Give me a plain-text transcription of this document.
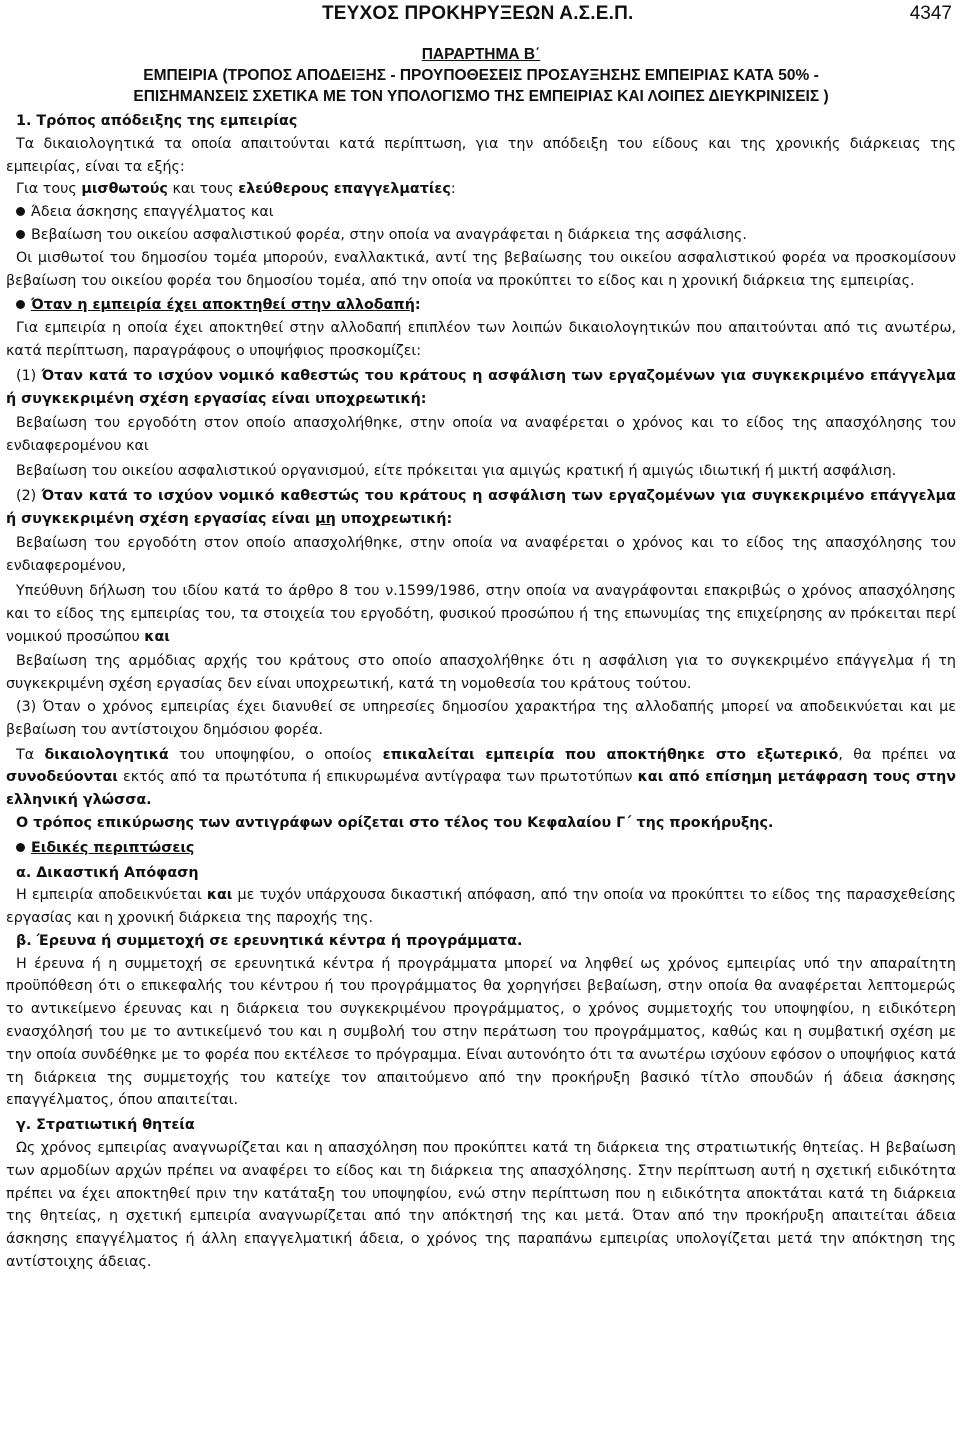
ΤΕΥΧΟΣ ΠΡΟΚΗΡΥΞΕΩΝ Α.Σ.Ε.Π.	4347
ΠΑΡΑΡΤΗΜΑ Β΄
ΕΜΠΕΙΡΙΑ (ΤΡΟΠΟΣ ΑΠΟΔΕΙΞΗΣ - ΠΡΟΥΠΟΘΕΣΕΙΣ ΠΡΟΣΑΥΞΗΣΗΣ ΕΜΠΕΙΡΙΑΣ ΚΑΤΑ 50% -
ΕΠΙΣΗΜΑΝΣΕΙΣ ΣΧΕΤΙΚΑ ΜΕ ΤΟΝ ΥΠΟΛΟΓΙΣΜΟ ΤΗΣ ΕΜΠΕΙΡΙΑΣ ΚΑΙ ΛΟΙΠΕΣ ΔΙΕΥΚΡΙΝΙΣΕΙΣ )

1. Τρόπος απόδειξης της εμπειρίας

Τα δικαιολογητικά τα οποία απαιτούνται κατά περίπτωση, για την απόδειξη του είδους και της χρονικής διάρκειας της εμπειρίας, είναι τα εξής:

Για τους μισθωτούς και τους ελεύθερους επαγγελματίες:

Άδεια άσκησης επαγγέλματος και

Βεβαίωση του οικείου ασφαλιστικού φορέα, στην οποία να αναγράφεται η διάρκεια της ασφάλισης.

Οι μισθωτοί του δημοσίου τομέα μπορούν, εναλλακτικά, αντί της βεβαίωσης του οικείου ασφαλιστικού φορέα να προσκομίσουν βεβαίωση του οικείου φορέα του δημοσίου τομέα, από την οποία να προκύπτει το είδος και η χρονική διάρκεια της εμπειρίας.

Όταν η εμπειρία έχει αποκτηθεί στην αλλοδαπή:

Για εμπειρία η οποία έχει αποκτηθεί στην αλλοδαπή επιπλέον των λοιπών δικαιολογητικών που απαιτούνται από τις ανωτέρω, κατά περίπτωση, παραγράφους ο υποψήφιος προσκομίζει:

(1) Όταν κατά το ισχύον νομικό καθεστώς του κράτους η ασφάλιση των εργαζομένων για συγκεκριμένο επάγγελμα ή συγκεκριμένη σχέση εργασίας είναι υποχρεωτική:

Βεβαίωση του εργοδότη στον οποίο απασχολήθηκε, στην οποία να αναφέρεται ο χρόνος και το είδος της απασχόλησης του ενδιαφερομένου και

Βεβαίωση του οικείου ασφαλιστικού οργανισμού, είτε πρόκειται για αμιγώς κρατική ή αμιγώς ιδιωτική ή μικτή ασφάλιση.

(2) Όταν κατά το ισχύον νομικό καθεστώς του κράτους η ασφάλιση των εργαζομένων για συγκεκριμένο επάγγελμα ή συγκεκριμένη σχέση εργασίας είναι μη υποχρεωτική:

Βεβαίωση του εργοδότη στον οποίο απασχολήθηκε, στην οποία να αναφέρεται ο χρόνος και το είδος της απασχόλησης του ενδιαφερομένου,

Υπεύθυνη δήλωση του ιδίου κατά το άρθρο 8 του ν.1599/1986, στην οποία να αναγράφονται επακριβώς ο χρόνος απασχόλησης και το είδος της εμπειρίας του, τα στοιχεία του εργοδότη, φυσικού προσώπου ή της επωνυμίας της επιχείρησης αν πρόκειται περί νομικού προσώπου και

Βεβαίωση της αρμόδιας αρχής του κράτους στο οποίο απασχολήθηκε ότι η ασφάλιση για το συγκεκριμένο επάγγελμα ή τη συγκεκριμένη σχέση εργασίας δεν είναι υποχρεωτική, κατά τη νομοθεσία του κράτους τούτου.

(3) Όταν ο χρόνος εμπειρίας έχει διανυθεί σε υπηρεσίες δημοσίου χαρακτήρα της αλλοδαπής μπορεί να αποδεικνύεται και με βεβαίωση του αντίστοιχου δημόσιου φορέα.

Τα δικαιολογητικά του υποψηφίου, ο οποίος επικαλείται εμπειρία που αποκτήθηκε στο εξωτερικό, θα πρέπει να συνοδεύονται εκτός από τα πρωτότυπα ή επικυρωμένα αντίγραφα των πρωτοτύπων και από επίσημη μετάφραση τους στην ελληνική γλώσσα.

Ο τρόπος επικύρωσης των αντιγράφων ορίζεται στο τέλος του Κεφαλαίου Γ΄ της προκήρυξης.

Ειδικές περιπτώσεις

α. Δικαστική Απόφαση

Η εμπειρία αποδεικνύεται και με τυχόν υπάρχουσα δικαστική απόφαση, από την οποία να προκύπτει το είδος της παρασχεθείσης εργασίας και η χρονική διάρκεια της παροχής της.

β. Έρευνα ή συμμετοχή σε ερευνητικά κέντρα ή προγράμματα.

Η έρευνα ή η συμμετοχή σε ερευνητικά κέντρα ή προγράμματα μπορεί να ληφθεί ως χρόνος εμπειρίας υπό την απαραίτητη προϋπόθεση ότι ο επικεφαλής του κέντρου ή του προγράμματος θα χορηγήσει βεβαίωση, στην οποία θα αναφέρεται λεπτομερώς το αντικείμενο έρευνας και η διάρκεια του συγκεκριμένου προγράμματος, ο χρόνος συμμετοχής του υποψηφίου, η ειδικότερη ενασχόλησή του με το αντικείμενό του και η συμβολή του στην περάτωση του προγράμματος, καθώς και η συμβατική σχέση με την οποία συνδέθηκε με το φορέα που εκτέλεσε το πρόγραμμα. Είναι αυτονόητο ότι τα ανωτέρω ισχύουν εφόσον ο υποψήφιος κατά τη διάρκεια της συμμετοχής του κατείχε τον απαιτούμενο από την προκήρυξη βασικό τίτλο σπουδών ή άδεια άσκησης επαγγέλματος, όπου απαιτείται.

γ. Στρατιωτική θητεία

Ως χρόνος εμπειρίας αναγνωρίζεται και η απασχόληση που προκύπτει κατά τη διάρκεια της στρατιωτικής θητείας. Η βεβαίωση των αρμοδίων αρχών πρέπει να αναφέρει το είδος και τη διάρκεια της απασχόλησης. Στην περίπτωση αυτή η σχετική ειδικότητα πρέπει να έχει αποκτηθεί πριν την κατάταξη του υποψηφίου, ενώ στην περίπτωση που η ειδικότητα αποκτάται κατά τη διάρκεια της θητείας, η σχετική εμπειρία αναγνωρίζεται από την απόκτησή της και μετά. Όταν από την προκήρυξη απαιτείται άδεια άσκησης επαγγέλματος ή άλλη επαγγελματική άδεια, ο χρόνος της παραπάνω εμπειρίας υπολογίζεται μετά την απόκτηση της αντίστοιχης άδειας.
